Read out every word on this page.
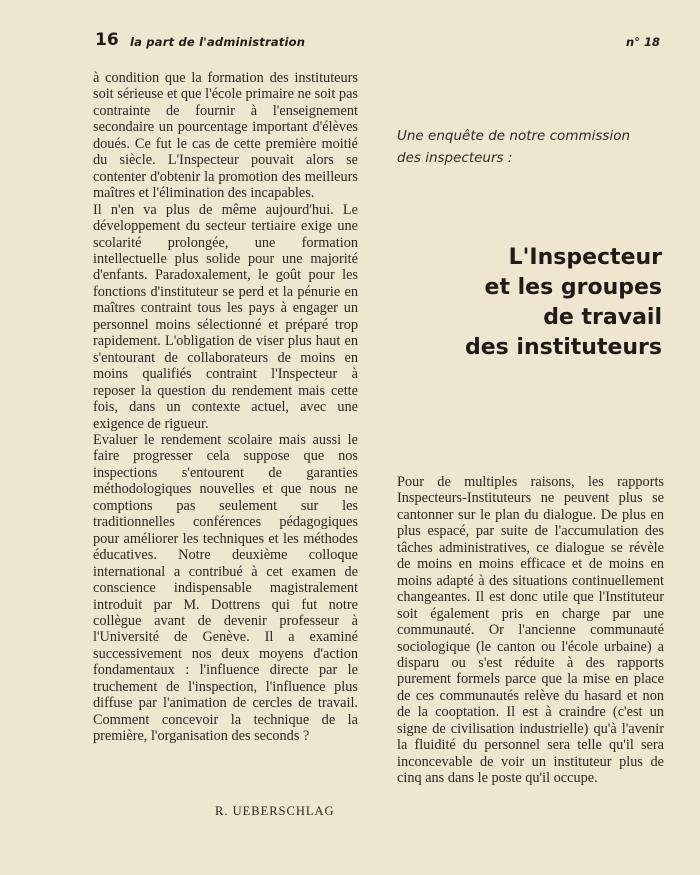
16 la part de l'administration	n° 18

à condition que la formation des instituteurs soit sérieuse et que l'école primaire ne soit pas contrainte de fournir à l'enseignement secondaire un pourcentage important d'élèves doués. Ce fut le cas de cette première moitié du siècle. L'Inspecteur pouvait alors se contenter d'obtenir la promotion des meilleurs maîtres et l'élimination des incapables.

Il n'en va plus de même aujourd'hui. Le développement du secteur tertiaire exige une scolarité prolongée, une formation intellectuelle plus solide pour une majorité d'enfants. Paradoxalement, le goût pour les fonctions d'instituteur se perd et la pénurie en maîtres contraint tous les pays à engager un personnel moins sélectionné et préparé trop rapidement. L'obligation de viser plus haut en s'entourant de collaborateurs de moins en moins qualifiés contraint l'Inspecteur à reposer la question du rendement mais cette fois, dans un contexte actuel, avec une exigence de rigueur.

Evaluer le rendement scolaire mais aussi le faire progresser cela suppose que nos inspections s'entourent de garanties méthodologiques nouvelles et que nous ne comptions pas seulement sur les traditionnelles conférences pédagogiques pour améliorer les techniques et les méthodes éducatives. Notre deuxième colloque international a contribué à cet examen de conscience indispensable magistralement introduit par M. Dottrens qui fut notre collègue avant de devenir professeur à l'Université de Genève. Il a examiné successivement nos deux moyens d'action fondamentaux : l'influence directe par le truchement de l'inspection, l'influence plus diffuse par l'animation de cercles de travail. Comment concevoir la technique de la première, l'organisation des seconds ?

R. UEBERSCHLAG
Une enquête de notre commission
des inspecteurs :
L'Inspecteur
et les groupes
de travail
des instituteurs

Pour de multiples raisons, les rapports Inspecteurs-Instituteurs ne peuvent plus se cantonner sur le plan du dialogue. De plus en plus espacé, par suite de l'accumulation des tâches administratives, ce dialogue se révèle de moins en moins efficace et de moins en moins adapté à des situations continuellement changeantes. Il est donc utile que l'Instituteur soit également pris en charge par une communauté. Or l'ancienne communauté sociologique (le canton ou l'école urbaine) a disparu ou s'est réduite à des rapports purement formels parce que la mise en place de ces communautés relève du hasard et non de la cooptation. Il est à craindre (c'est un signe de civilisation industrielle) qu'à l'avenir la fluidité du personnel sera telle qu'il sera inconcevable de voir un instituteur plus de cinq ans dans le poste qu'il occupe.
